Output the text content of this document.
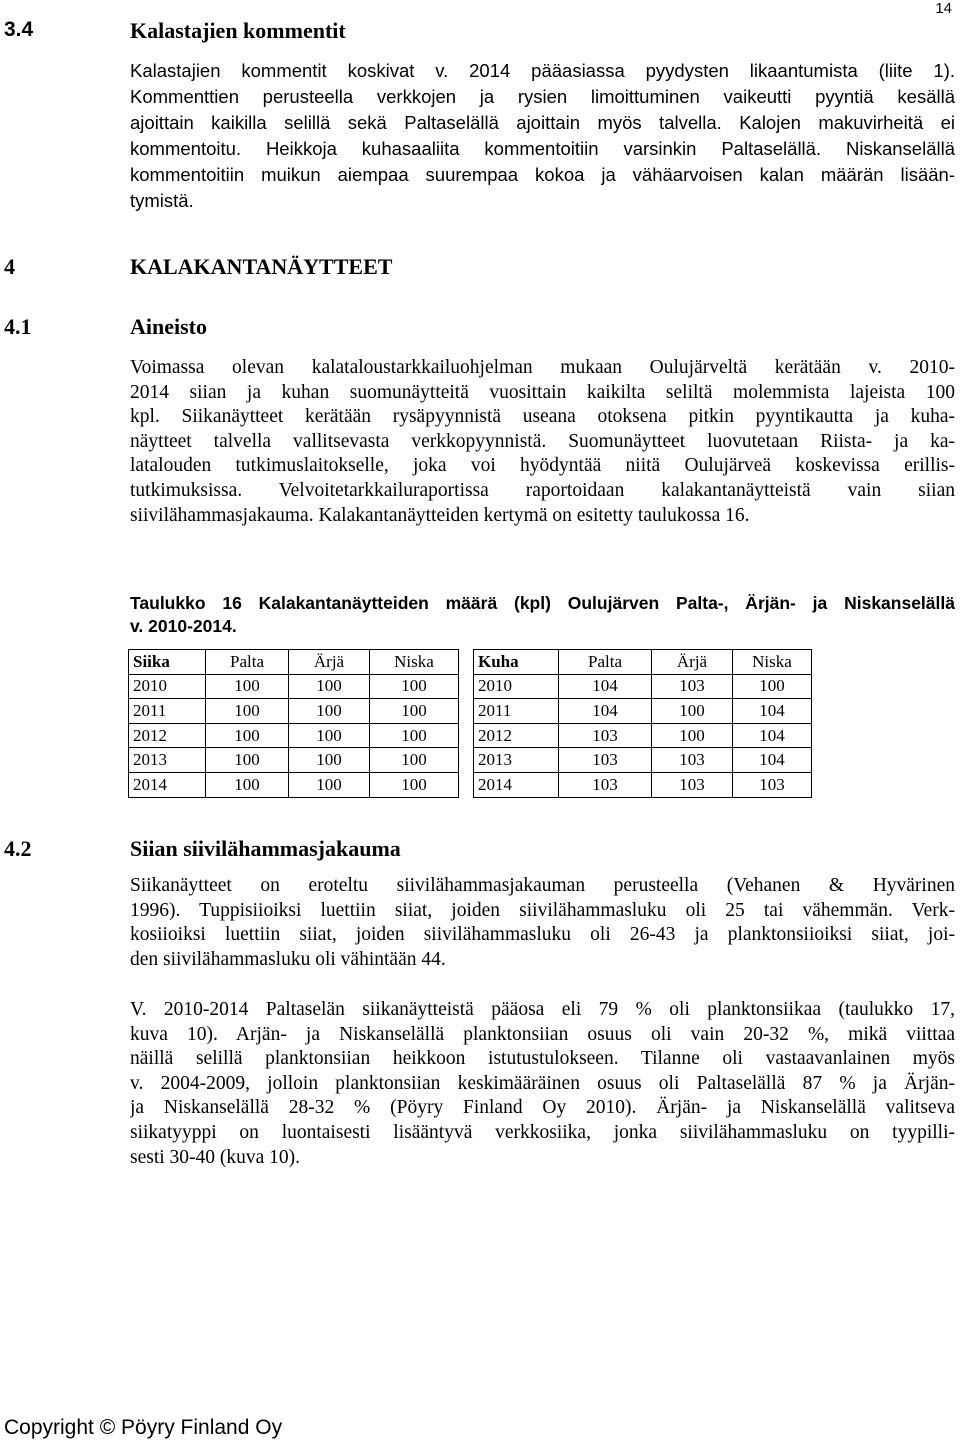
14
3.4	Kalastajien kommentit
Kalastajien kommentit koskivat v. 2014 pääasiassa pyydysten likaantumista (liite 1).
Kommenttien perusteella verkkojen ja rysien limoittuminen vaikeutti pyyntiä kesällä
ajoittain kaikilla selillä sekä Paltaselällä ajoittain myös talvella. Kalojen makuvirheitä ei
kommentoitu. Heikkoja kuhasaaliita kommentoitiin varsinkin Paltaselällä. Niskanselällä
kommentoitiin muikun aiempaa suurempaa kokoa ja vähäarvoisen kalan määrän lisään-
tymistä.
4	KALAKANTANÄYTTEET
4.1	Aineisto
Voimassa olevan kalataloustarkkailuohjelman mukaan Oulujärveltä kerätään v. 2010-
2014 siian ja kuhan suomunäytteitä vuosittain kaikilta seliltä molemmista lajeista 100
kpl. Siikanäytteet kerätään rysäpyynnistä useana otoksena pitkin pyyntikautta ja kuha-
näytteet talvella vallitsevasta verkkopyynnistä. Suomunäytteet luovutetaan Riista- ja ka-
latalouden tutkimuslaitokselle, joka voi hyödyntää niitä Oulujärveä koskevissa erillis-
tutkimuksissa. Velvoitetarkkailuraportissa raportoidaan kalakantanäytteistä vain siian
siivilähammasjakauma. Kalakantanäytteiden kertymä on esitetty taulukossa 16.
Taulukko 16 Kalakantanäytteiden määrä (kpl) Oulujärven Palta-, Ärjän- ja Niskanselällä
v. 2010-2014.
Siika	Palta	Ärjä	Niska		Kuha	Palta	Ärjä	Niska
2010	100	100	100		2010	104	103	100
2011	100	100	100		2011	104	100	104
2012	100	100	100		2012	103	100	104
2013	100	100	100		2013	103	103	104
2014	100	100	100		2014	103	103	103
4.2	Siian siivilähammasjakauma
Siikanäytteet on eroteltu siivilähammasjakauman perusteella (Vehanen & Hyvärinen
1996). Tuppisiioiksi luettiin siiat, joiden siivilähammasluku oli 25 tai vähemmän. Verk-
kosiioiksi luettiin siiat, joiden siivilähammasluku oli 26-43 ja planktonsiioiksi siiat, joi-
den siivilähammasluku oli vähintään 44.
V. 2010-2014 Paltaselän siikanäytteistä pääosa eli 79 % oli planktonsiikaa (taulukko 17,
kuva 10). Arjän- ja Niskanselällä planktonsiian osuus oli vain 20-32 %, mikä viittaa
näillä selillä planktonsiian heikkoon istutustulokseen. Tilanne oli vastaavanlainen myös
v. 2004-2009, jolloin planktonsiian keskimääräinen osuus oli Paltaselällä 87 % ja Ärjän-
ja Niskanselällä 28-32 % (Pöyry Finland Oy 2010). Ärjän- ja Niskanselällä valitseva
siikatyyppi on luontaisesti lisääntyvä verkkosiika, jonka siivilähammasluku on tyypilli-
sesti 30-40 (kuva 10).
Copyright © Pöyry Finland Oy
